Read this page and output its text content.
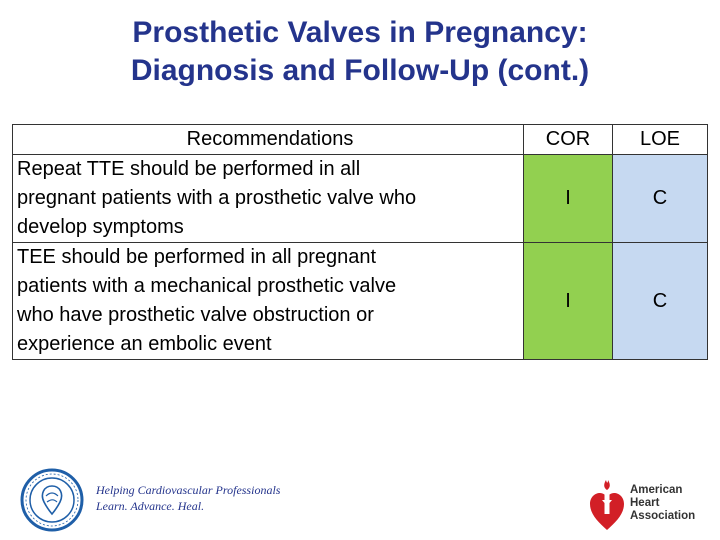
Prosthetic Valves in Pregnancy:
Diagnosis and Follow-Up (cont.)
Recommendations	COR	LOE

Repeat TTE should be performed in all
pregnant patients with a prosthetic valve who
develop symptoms	I	C

TEE should be performed in all pregnant
patients with a mechanical prosthetic valve
who have prosthetic valve obstruction or
experience an embolic event	I	C
Helping Cardiovascular Professionals
Learn. Advance. Heal.
American
Heart
Association
